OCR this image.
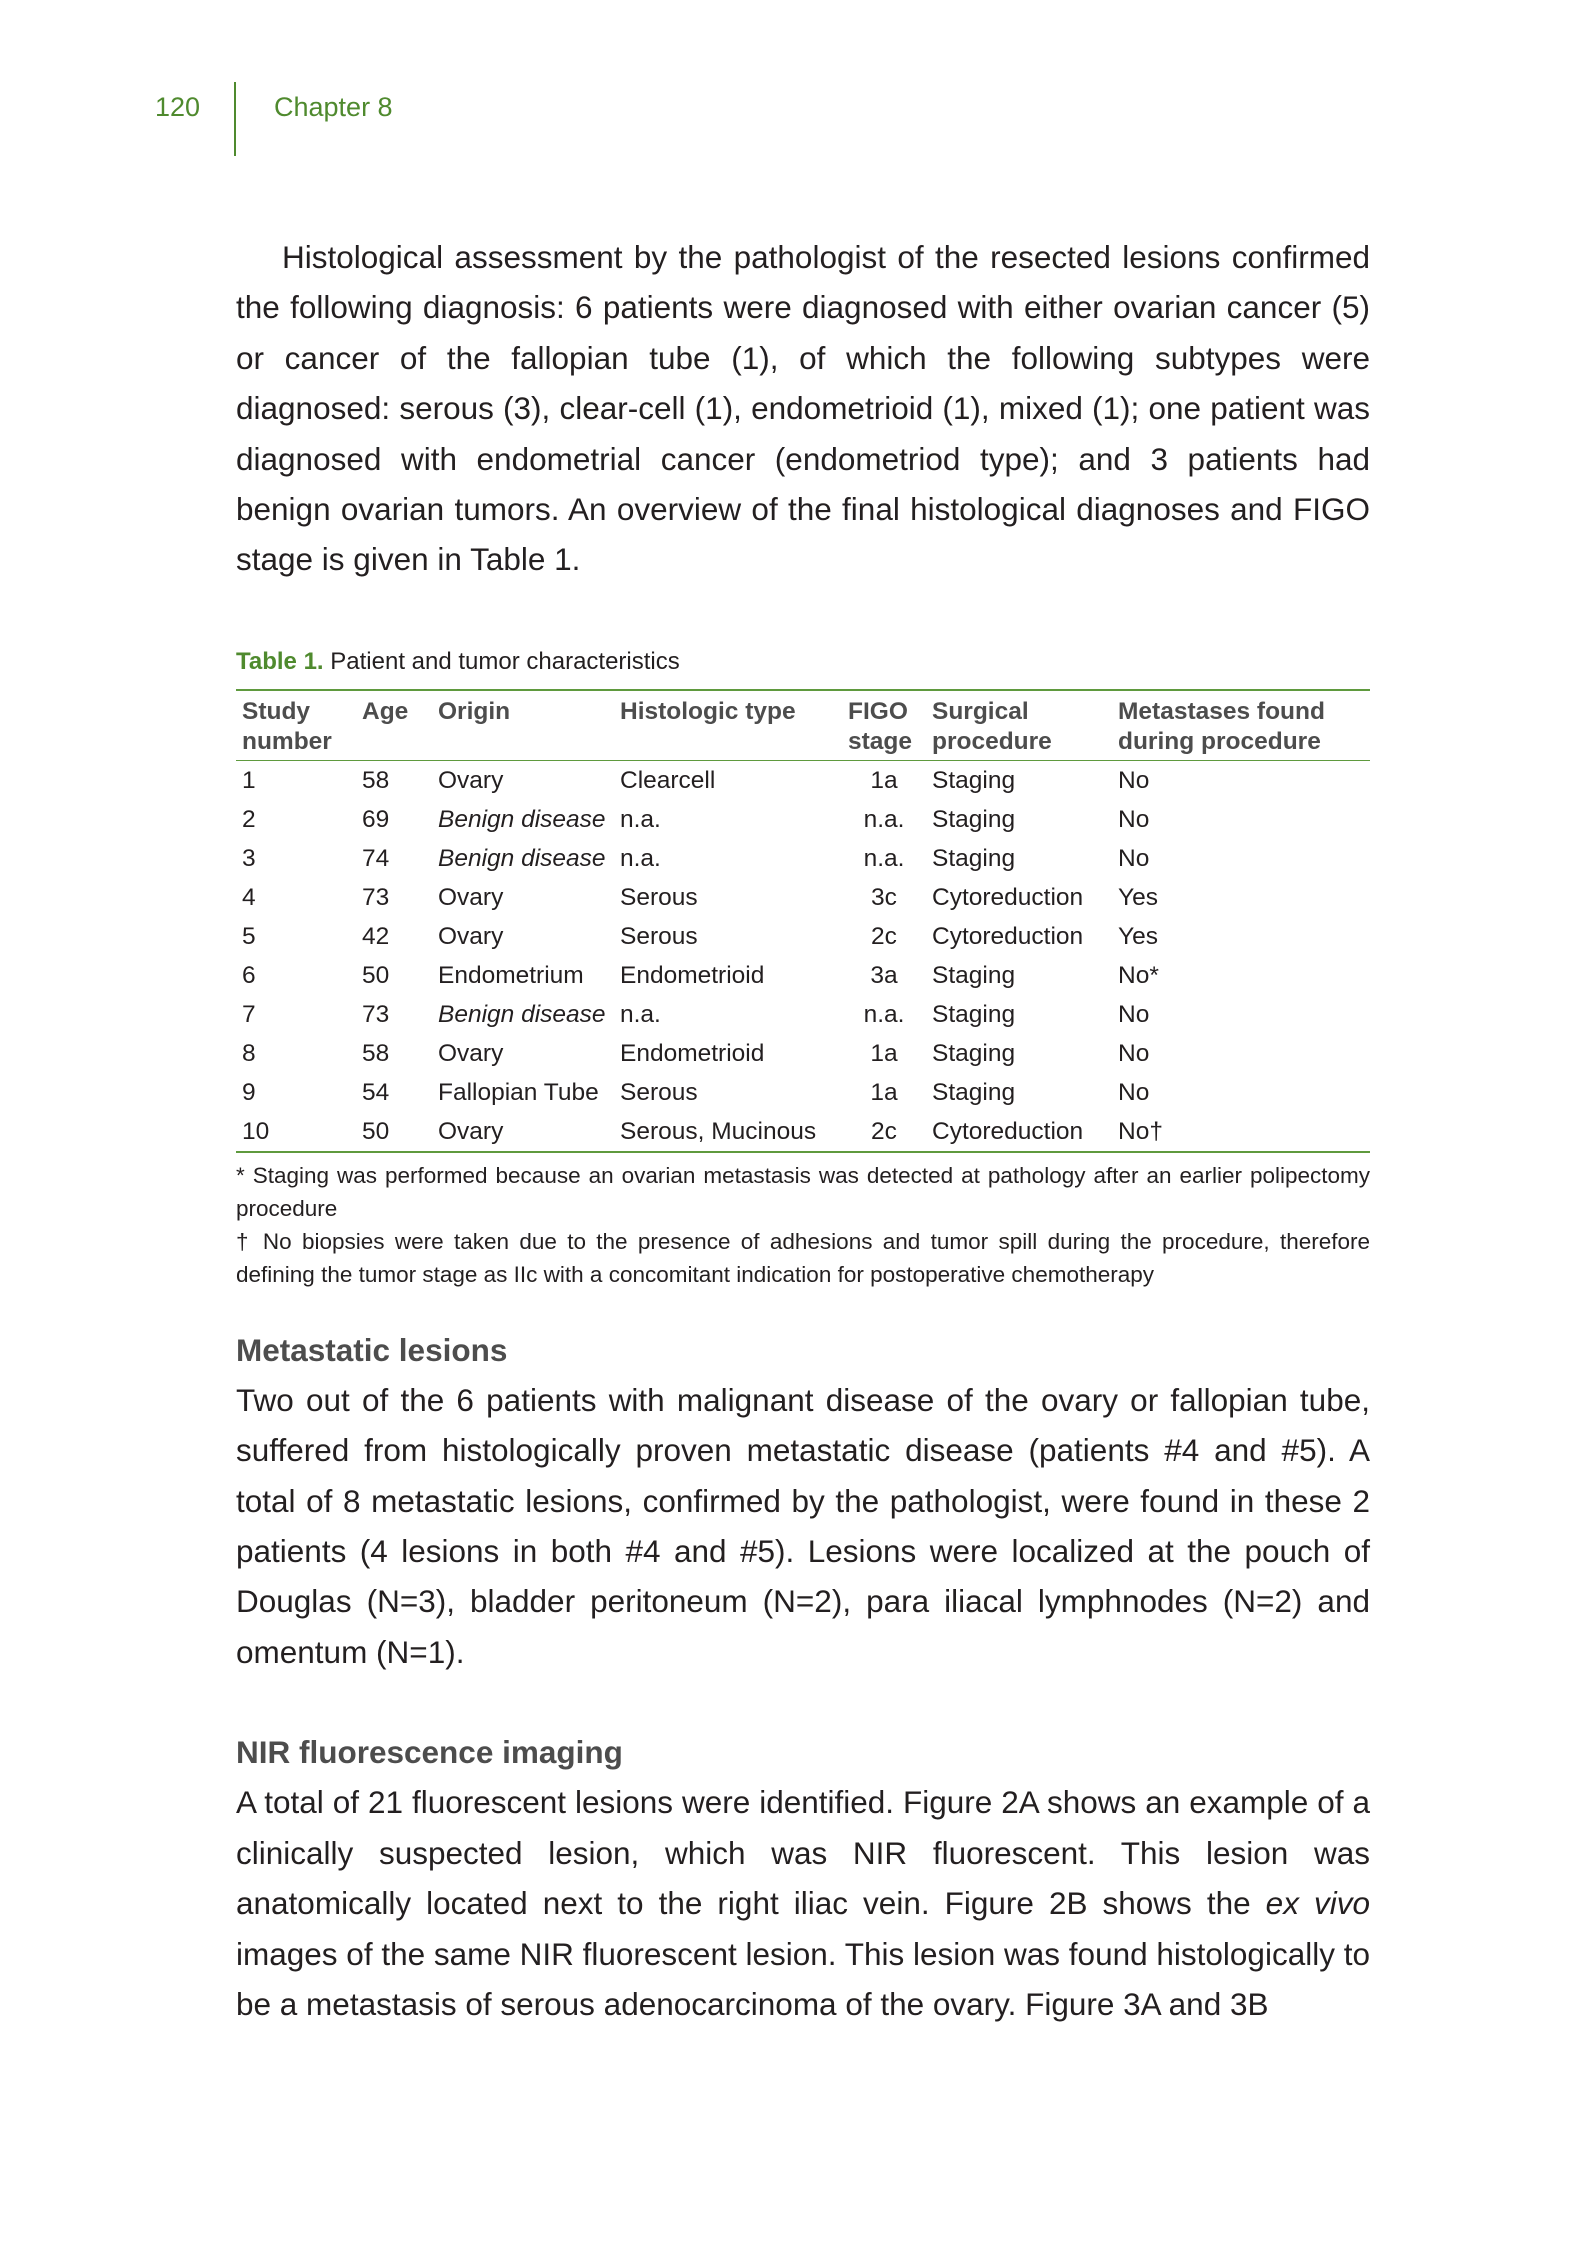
120	Chapter 8

Histological assessment by the pathologist of the resected lesions confirmed the following diagnosis: 6 patients were diagnosed with either ovarian cancer (5) or cancer of the fallopian tube (1), of which the following subtypes were diagnosed: serous (3), clear-cell (1), endometrioid (1), mixed (1); one patient was diagnosed with endometrial cancer (endometriod type); and 3 patients had benign ovarian tumors. An overview of the final histological diagnoses and FIGO stage is given in Table 1.

Table 1. Patient and tumor characteristics
Study number	Age	Origin	Histologic type	FIGO stage	Surgical procedure	Metastases found during procedure
1	58	Ovary	Clearcell	1a	Staging	No
2	69	Benign disease	n.a.	n.a.	Staging	No
3	74	Benign disease	n.a.	n.a.	Staging	No
4	73	Ovary	Serous	3c	Cytoreduction	Yes
5	42	Ovary	Serous	2c	Cytoreduction	Yes
6	50	Endometrium	Endometrioid	3a	Staging	No*
7	73	Benign disease	n.a.	n.a.	Staging	No
8	58	Ovary	Endometrioid	1a	Staging	No
9	54	Fallopian Tube	Serous	1a	Staging	No
10	50	Ovary	Serous, Mucinous	2c	Cytoreduction	No†

* Staging was performed because an ovarian metastasis was detected at pathology after an earlier polipectomy procedure

† No biopsies were taken due to the presence of adhesions and tumor spill during the procedure, therefore defining the tumor stage as IIc with a concomitant indication for postoperative chemotherapy

Metastatic lesions

Two out of the 6 patients with malignant disease of the ovary or fallopian tube, suffered from histologically proven metastatic disease (patients #4 and #5). A total of 8 metastatic lesions, confirmed by the pathologist, were found in these 2 patients (4 lesions in both #4 and #5). Lesions were localized at the pouch of Douglas (N=3), bladder peritoneum (N=2), para iliacal lymphnodes (N=2) and omentum (N=1).

NIR fluorescence imaging

A total of 21 fluorescent lesions were identified. Figure 2A shows an example of a clinically suspected lesion, which was NIR fluorescent. This lesion was anatomically located next to the right iliac vein. Figure 2B shows the ex vivo images of the same NIR fluorescent lesion. This lesion was found histologically to be a metastasis of serous adenocarcinoma of the ovary. Figure 3A and 3B
